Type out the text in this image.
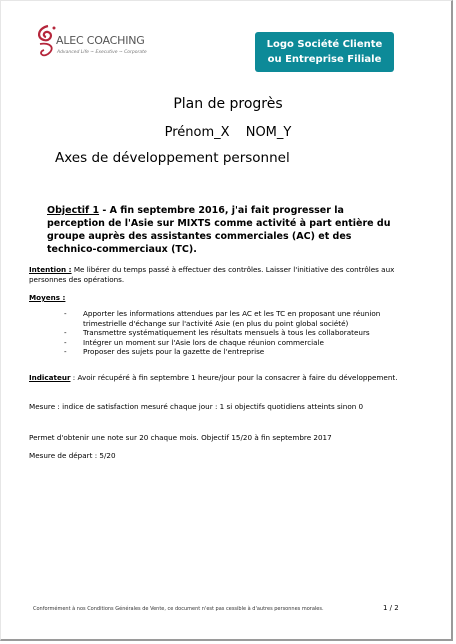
ALEC COACHING
Advanced Life ~ Executive ~ Corporate
Logo Société Cliente
ou Entreprise Filiale
Plan de progrès
Prénom_X NOM_Y
Axes de développement personnel
Objectif 1 - A fin septembre 2016, j'ai fait progresser la perception de l'Asie sur MIXTS comme activité à part entière du groupe auprès des assistantes commerciales (AC) et des technico-commerciaux (TC).
Intention : Me libérer du temps passé à effectuer des contrôles. Laisser l'initiative des contrôles aux personnes des opérations.
Moyens :
- Apporter les informations attendues par les AC et les TC en proposant une réunion trimestrielle d'échange sur l'activité Asie (en plus du point global société)
- Transmettre systématiquement les résultats mensuels à tous les collaborateurs
- Intégrer un moment sur l'Asie lors de chaque réunion commerciale
- Proposer des sujets pour la gazette de l'entreprise
Indicateur : Avoir récupéré à fin septembre 1 heure/jour pour la consacrer à faire du développement.
Mesure : indice de satisfaction mesuré chaque jour : 1 si objectifs quotidiens atteints sinon 0
Permet d'obtenir une note sur 20 chaque mois. Objectif 15/20 à fin septembre 2017
Mesure de départ : 5/20
Conformément à nos Conditions Générales de Vente, ce document n'est pas cessible à d'autres personnes morales.	1 / 2
